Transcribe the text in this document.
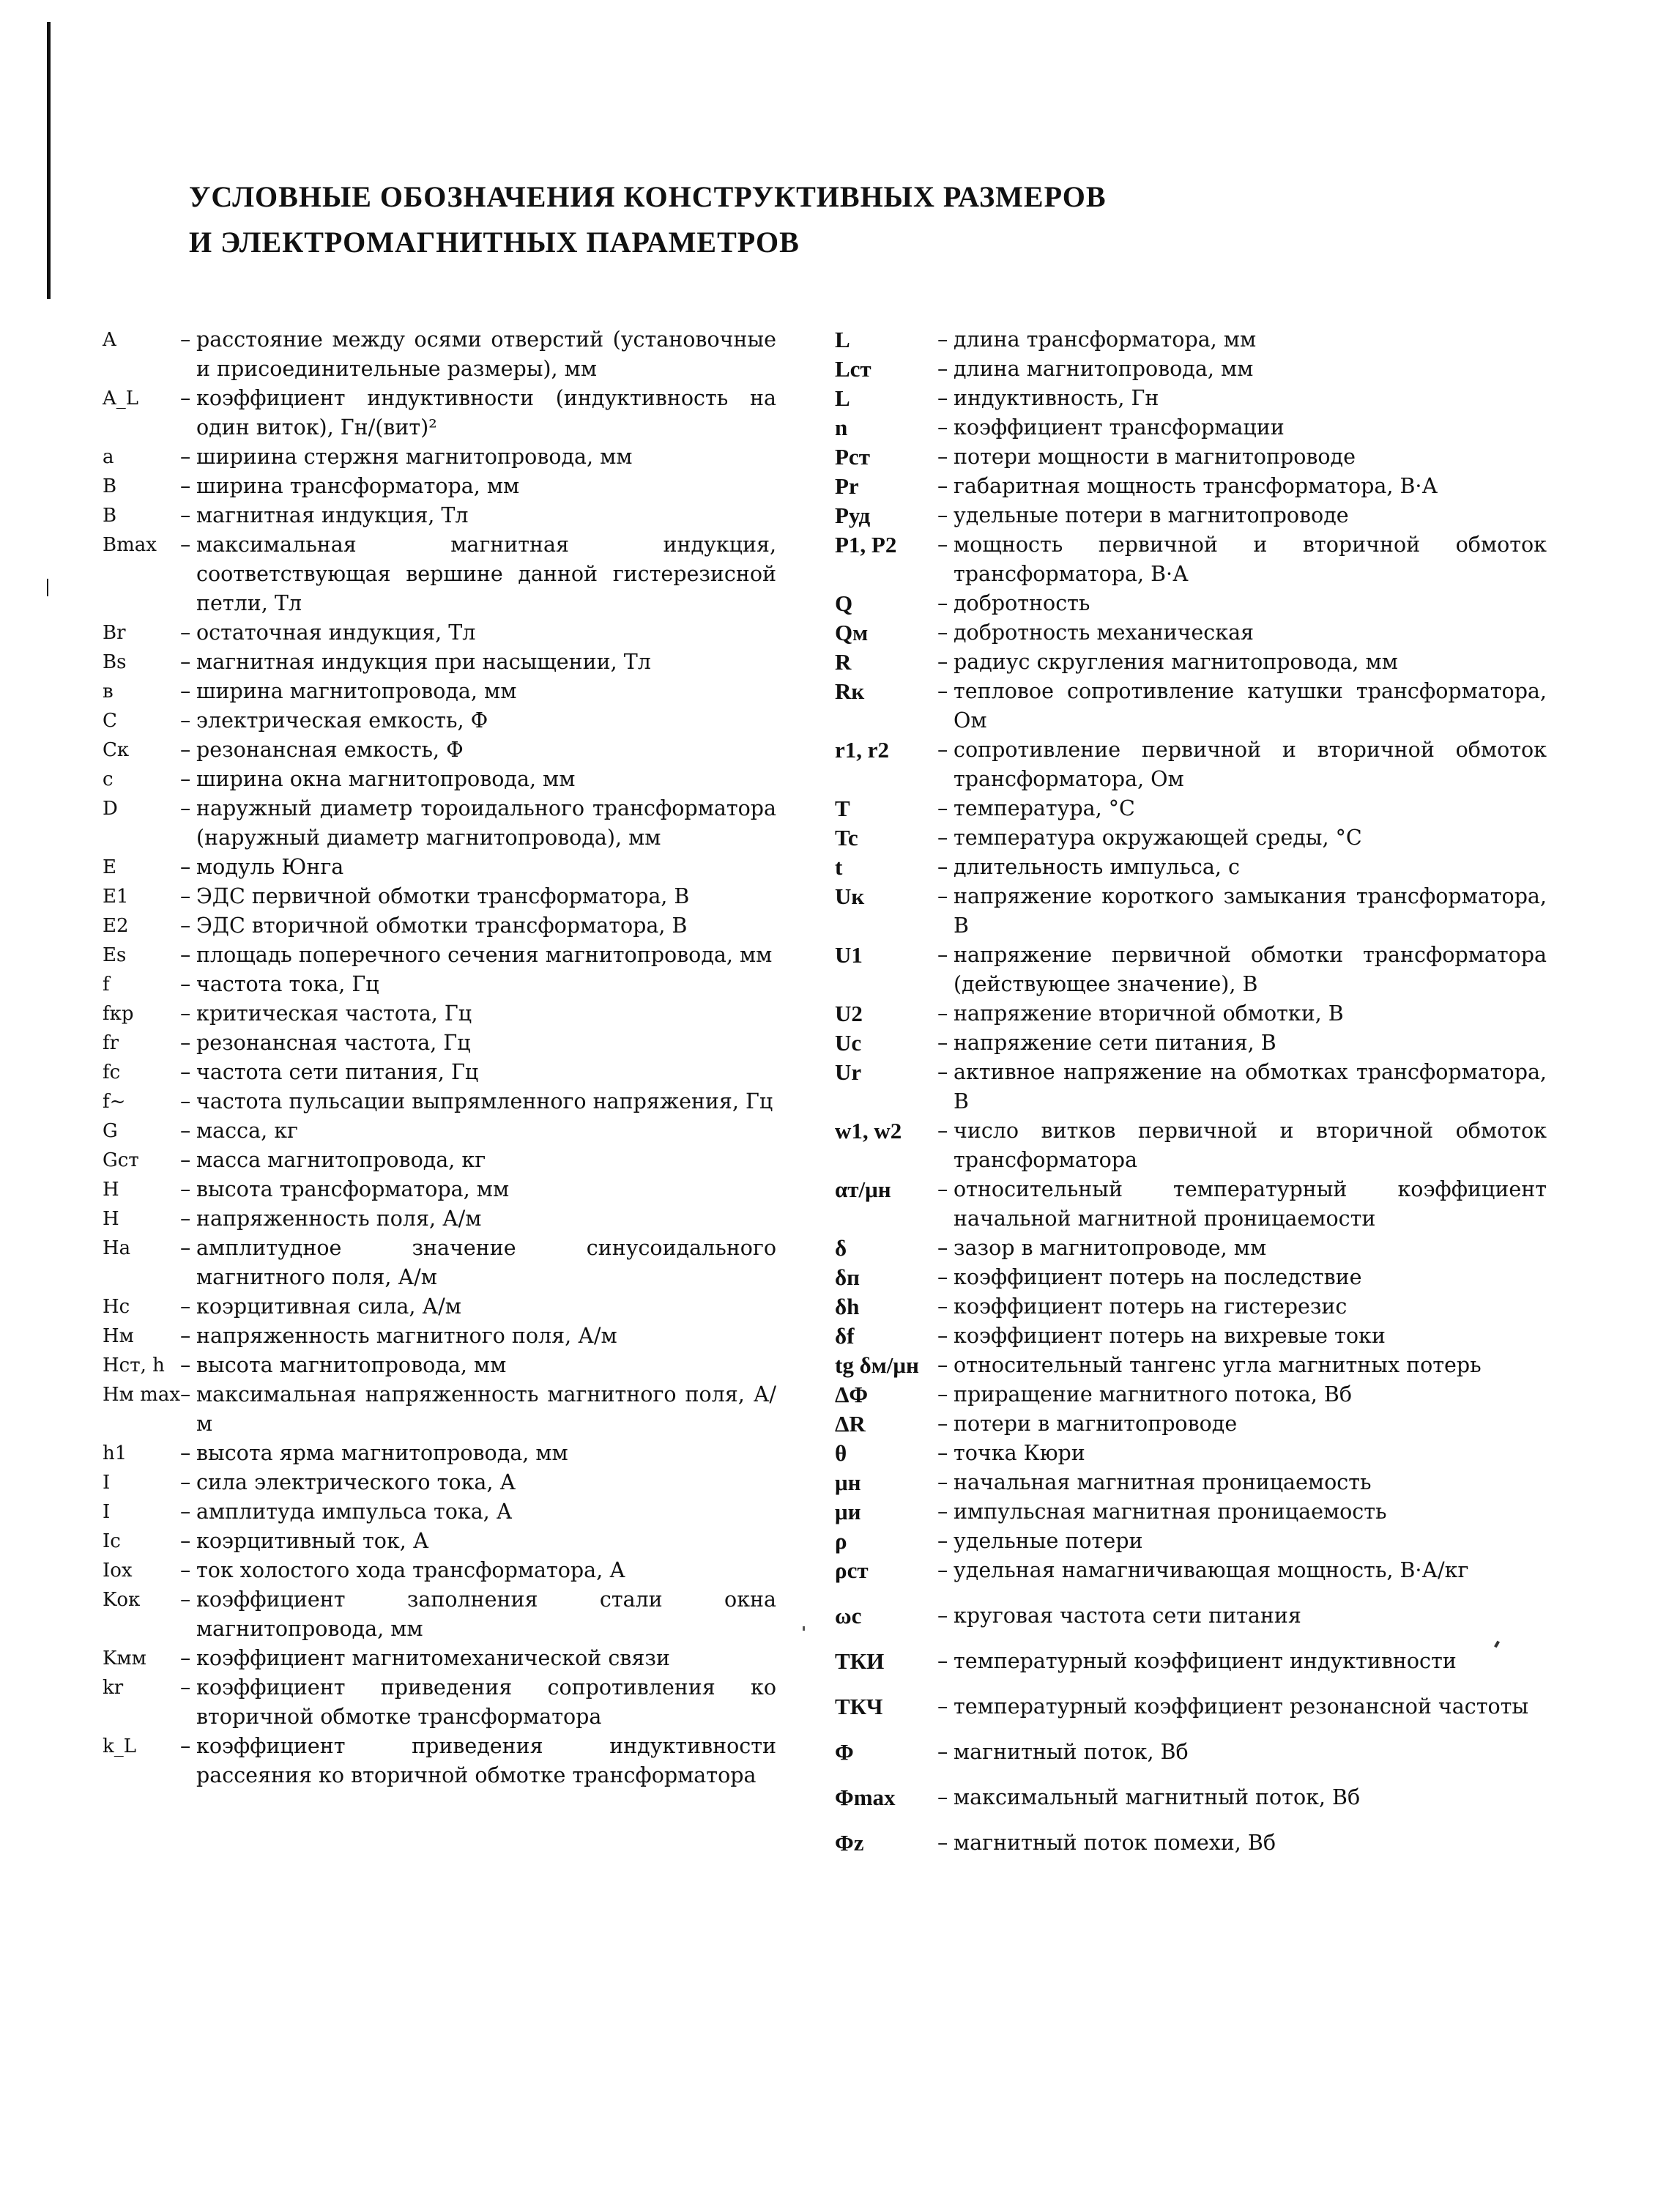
УСЛОВНЫЕ ОБОЗНАЧЕНИЯ КОНСТРУКТИВНЫХ РАЗМЕРОВ
И ЭЛЕКТРОМАГНИТНЫХ ПАРАМЕТРОВ
A	– расстояние между осями отверстий (установочные и присоединительные размеры), мм
A_L	– коэффициент индуктивности (индуктивность на один виток), Гн/(вит)²
a	– шириина стержня магнитопровода, мм
B	– ширина трансформатора, мм
B	– магнитная индукция, Тл
Bmax	– максимальная магнитная индукция, соответствующая вершине данной гистерезисной петли, Тл
Br	– остаточная индукция, Тл
Bs	– магнитная индукция при насыщении, Тл
в	– ширина магнитопровода, мм
C	– электрическая емкость, Ф
Cк	– резонансная емкость, Ф
c	– ширина окна магнитопровода, мм
D	– наружный диаметр тороидального трансформатора (наружный диаметр магнитопровода), мм
E	– модуль Юнга
E1	– ЭДС первичной обмотки трансформатора, В
E2	– ЭДС вторичной обмотки трансформатора, В
Es	– площадь поперечного сечения магнитопровода, мм
f	– частота тока, Гц
fкр	– критическая частота, Гц
fr	– резонансная частота, Гц
fc	– частота сети питания, Гц
f~	– частота пульсации выпрямленного напряжения, Гц
G	– масса, кг
Gст	– масса магнитопровода, кг
H	– высота трансформатора, мм
H	– напряженность поля, А/м
Ha	– амплитудное значение синусоидального магнитного поля, А/м
Hc	– коэрцитивная сила, А/м
Hм	– напряженность магнитного поля, А/м
Hст, h – высота магнитопровода, мм
Hм max – максимальная напряженность магнитного поля, А/м
h1	– высота ярма магнитопровода, мм
I	– сила электрического тока, А
I	– амплитуда импульса тока, А
Ic	– коэрцитивный ток, А
Iox	– ток холостого хода трансформатора, А
Kок	– коэффициент заполнения стали окна магнитопровода, мм
Kмм	– коэффициент магнитомеханической связи
kr	– коэффициент приведения сопротивления ко вторичной обмотке трансформатора
k_L	– коэффициент приведения индуктивности рассеяния ко вторичной обмотке трансформатора
L	– длина трансформатора, мм
Lст	– длина магнитопровода, мм
L	– индуктивность, Гн
n	– коэффициент трансформации
Pст	– потери мощности в магнитопроводе
Pr	– габаритная мощность трансформатора, В·А
Pуд	– удельные потери в магнитопроводе
P1, P2	– мощность первичной и вторичной обмоток трансформатора, В·А
Q	– добротность
Qм	– добротность механическая
R	– радиус скругления магнитопровода, мм
Rк	– тепловое сопротивление катушки трансформатора, Ом
r1, r2	– сопротивление первичной и вторичной обмоток трансформатора, Ом
T	– температура, °C
Tc	– температура окружающей среды, °C
t	– длительность импульса, с
Uк	– напряжение короткого замыкания трансформатора, В
U1	– напряжение первичной обмотки трансформатора (действующее значение), В
U2	– напряжение вторичной обмотки, В
Uc	– напряжение сети питания, В
Ur	– активное напряжение на обмотках трансформатора, В
w1, w2	– число витков первичной и вторичной обмоток трансформатора
αт/μн	– относительный температурный коэффициент начальной магнитной проницаемости
δ	– зазор в магнитопроводе, мм
δп	– коэффициент потерь на последствие
δh	– коэффициент потерь на гистерезис
δf	– коэффициент потерь на вихревые токи
tg δм/μн – относительный тангенс угла магнитных потерь
ΔΦ	– приращение магнитного потока, Вб
ΔR	– потери в магнитопроводе
θ	– точка Кюри
μн	– начальная магнитная проницаемость
μи	– импульсная магнитная проницаемость
ρ	– удельные потери
ρст	– удельная намагничивающая мощность, В·А/кг
ωc	– круговая частота сети питания
ТКИ	– температурный коэффициент индуктивности
ТКЧ	– температурный коэффициент резонансной частоты
Φ	– магнитный поток, Вб
Φmax	– максимальный магнитный поток, Вб
Φz	– магнитный поток помехи, Вб
